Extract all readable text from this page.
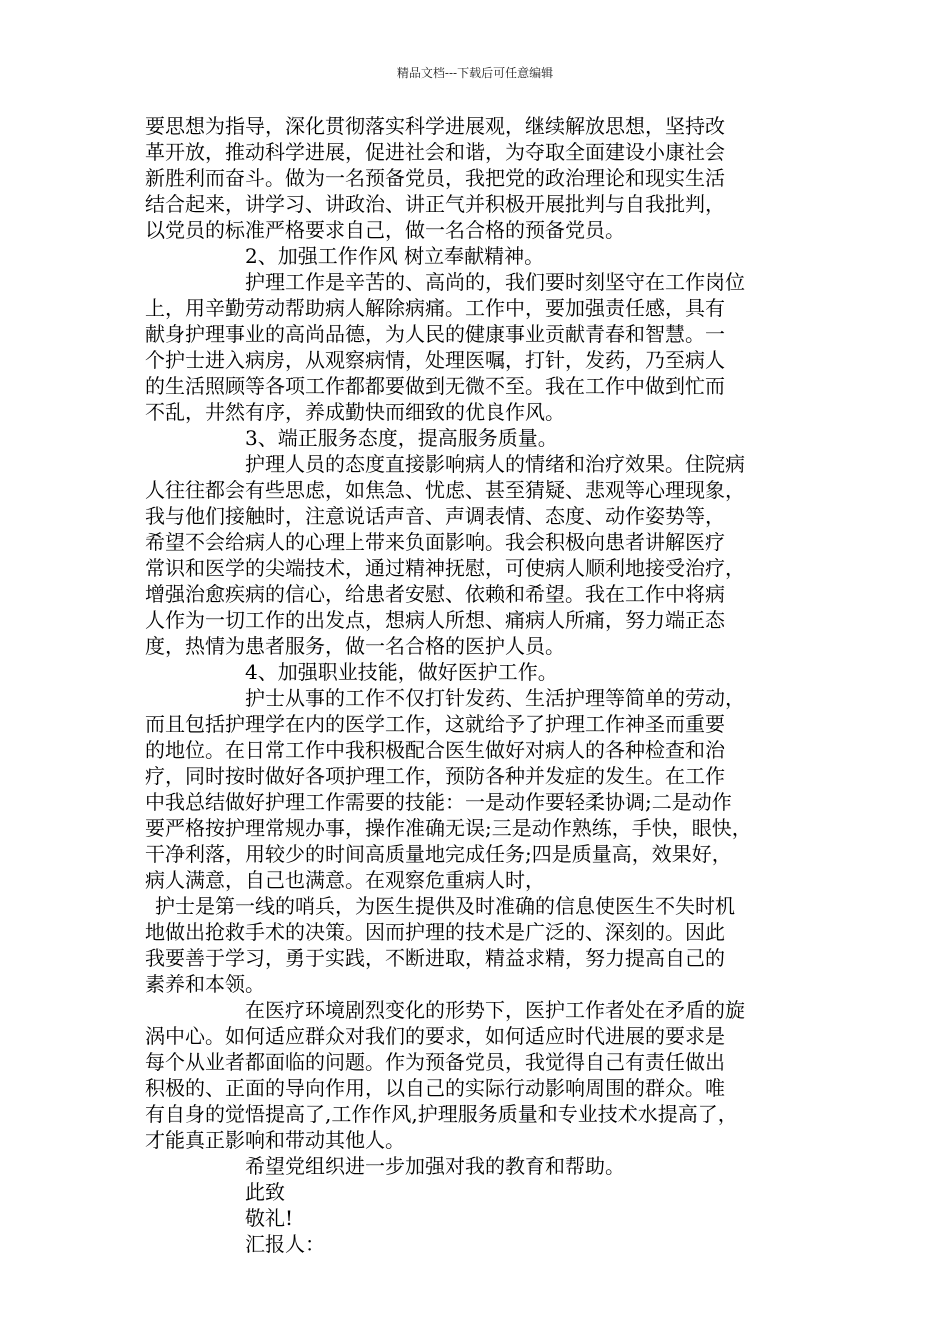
精品文档---下载后可任意编辑
要思想为指导，深化贯彻落实科学进展观，继续解放思想，坚持改
革开放，推动科学进展，促进社会和谐，为夺取全面建设小康社会
新胜利而奋斗。做为一名预备党员，我把党的政治理论和现实生活
结合起来，讲学习、讲政治、讲正气并积极开展批判与自我批判，
以党员的标准严格要求自己，做一名合格的预备党员。
2、加强工作作风 树立奉献精神。
护理工作是辛苦的、高尚的，我们要时刻坚守在工作岗位
上，用辛勤劳动帮助病人解除病痛。工作中，要加强责任感，具有
献身护理事业的高尚品德，为人民的健康事业贡献青春和智慧。一
个护士进入病房，从观察病情，处理医嘱，打针，发药，乃至病人
的生活照顾等各项工作都都要做到无微不至。我在工作中做到忙而
不乱，井然有序，养成勤快而细致的优良作风。
3、端正服务态度，提高服务质量。
护理人员的态度直接影响病人的情绪和治疗效果。住院病
人往往都会有些思虑，如焦急、忧虑、甚至猜疑、悲观等心理现象，
我与他们接触时，注意说话声音、声调表情、态度、动作姿势等，
希望不会给病人的心理上带来负面影响。我会积极向患者讲解医疗
常识和医学的尖端技术，通过精神抚慰，可使病人顺利地接受治疗，
增强治愈疾病的信心，给患者安慰、依赖和希望。我在工作中将病
人作为一切工作的出发点，想病人所想、痛病人所痛，努力端正态
度，热情为患者服务，做一名合格的医护人员。
4、加强职业技能，做好医护工作。
护士从事的工作不仅打针发药、生活护理等简单的劳动，
而且包括护理学在内的医学工作，这就给予了护理工作神圣而重要
的地位。在日常工作中我积极配合医生做好对病人的各种检查和治
疗，同时按时做好各项护理工作，预防各种并发症的发生。在工作
中我总结做好护理工作需要的技能：一是动作要轻柔协调;二是动作
要严格按护理常规办事，操作准确无误;三是动作熟练，手快，眼快，
干净利落，用较少的时间高质量地完成任务;四是质量高，效果好，
病人满意，自己也满意。在观察危重病人时，
护士是第一线的哨兵，为医生提供及时准确的信息使医生不失时机
地做出抢救手术的决策。因而护理的技术是广泛的、深刻的。因此
我要善于学习，勇于实践，不断进取，精益求精，努力提高自己的
素养和本领。
在医疗环境剧烈变化的形势下，医护工作者处在矛盾的旋
涡中心。如何适应群众对我们的要求，如何适应时代进展的要求是
每个从业者都面临的问题。作为预备党员，我觉得自己有责任做出
积极的、正面的导向作用，以自己的实际行动影响周围的群众。唯
有自身的觉悟提高了,工作作风,护理服务质量和专业技术水提高了，
才能真正影响和带动其他人。
希望党组织进一步加强对我的教育和帮助。
此致
敬礼!
汇报人：
